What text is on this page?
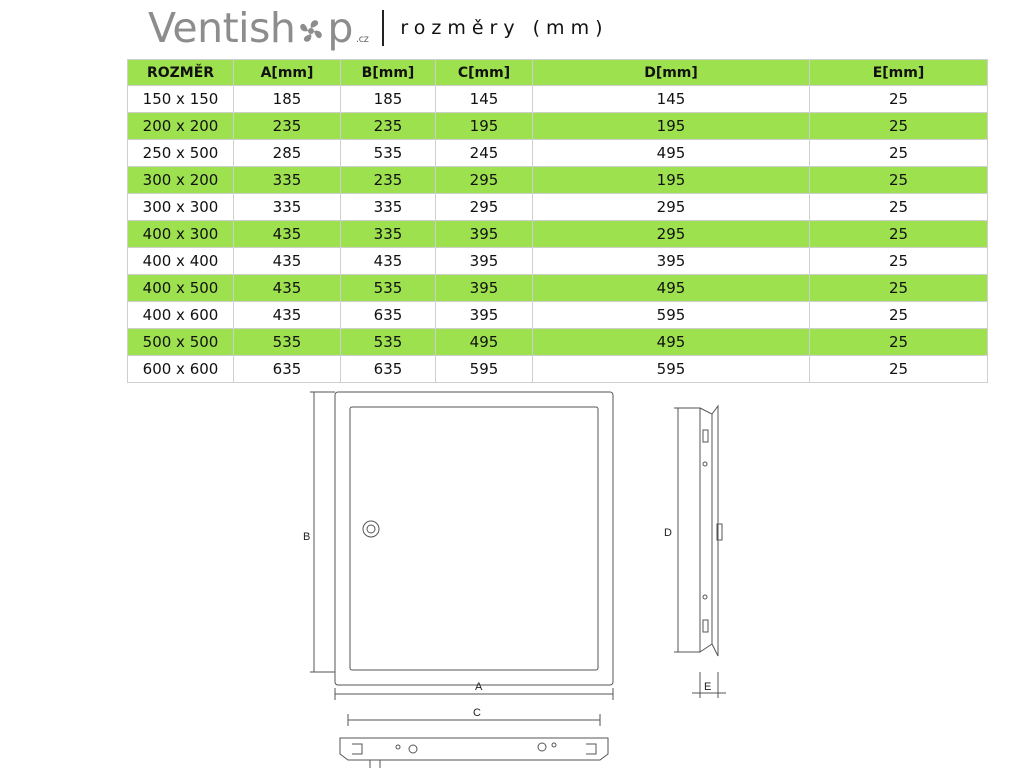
Ventish p .cz
rozměry (mm)
ROZMĚR	A[mm]	B[mm]	C[mm]	D[mm]	E[mm]
150 x 150	185	185	145	145	25
200 x 200	235	235	195	195	25
250 x 500	285	535	245	495	25
300 x 200	335	235	295	195	25
300 x 300	335	335	295	295	25
400 x 300	435	335	395	295	25
400 x 400	435	435	395	395	25
400 x 500	435	535	395	495	25
400 x 600	435	635	395	595	25
500 x 500	535	535	495	495	25
600 x 600	635	635	595	595	25
B
A
C
D
E
